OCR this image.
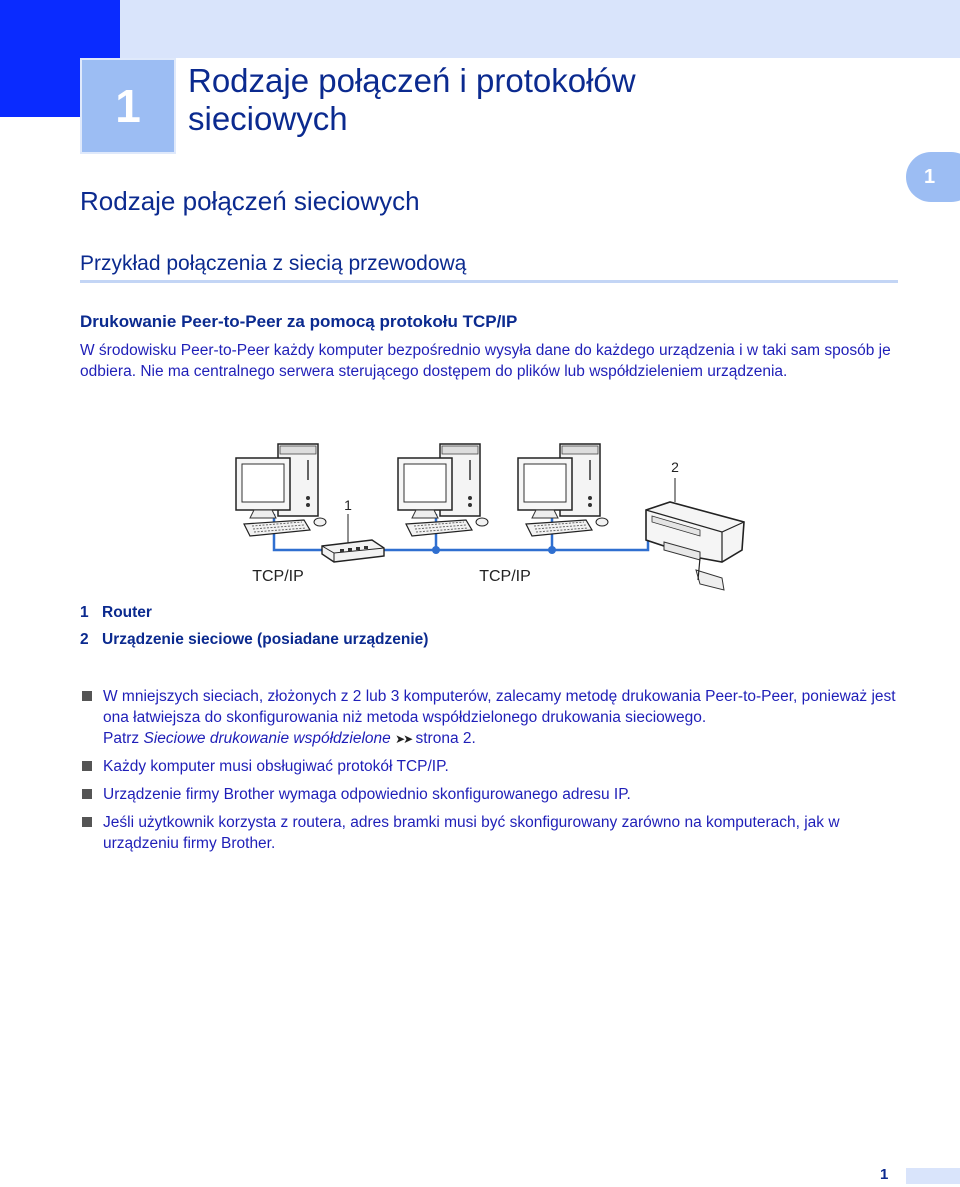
1 Rodzaje połączeń i protokołów
sieciowych
1
Rodzaje połączeń sieciowych
Przykład połączenia z siecią przewodową
Drukowanie Peer-to-Peer za pomocą protokołu TCP/IP
W środowisku Peer-to-Peer każdy komputer bezpośrednio wysyła dane do każdego urządzenia i w taki sam sposób je odbiera. Nie ma centralnego serwera sterującego dostępem do plików lub współdzieleniem urządzenia.
1
2
TCP/IP	TCP/IP
1 Router
2 Urządzenie sieciowe (posiadane urządzenie)
W mniejszych sieciach, złożonych z 2 lub 3 komputerów, zalecamy metodę drukowania Peer-to-Peer, ponieważ jest ona łatwiejsza do skonfigurowania niż metoda współdzielonego drukowania sieciowego.
Patrz Sieciowe drukowanie współdzielone ➤➤ strona 2.
Każdy komputer musi obsługiwać protokół TCP/IP.
Urządzenie firmy Brother wymaga odpowiednio skonfigurowanego adresu IP.
Jeśli użytkownik korzysta z routera, adres bramki musi być skonfigurowany zarówno na komputerach, jak w urządzeniu firmy Brother.
1
